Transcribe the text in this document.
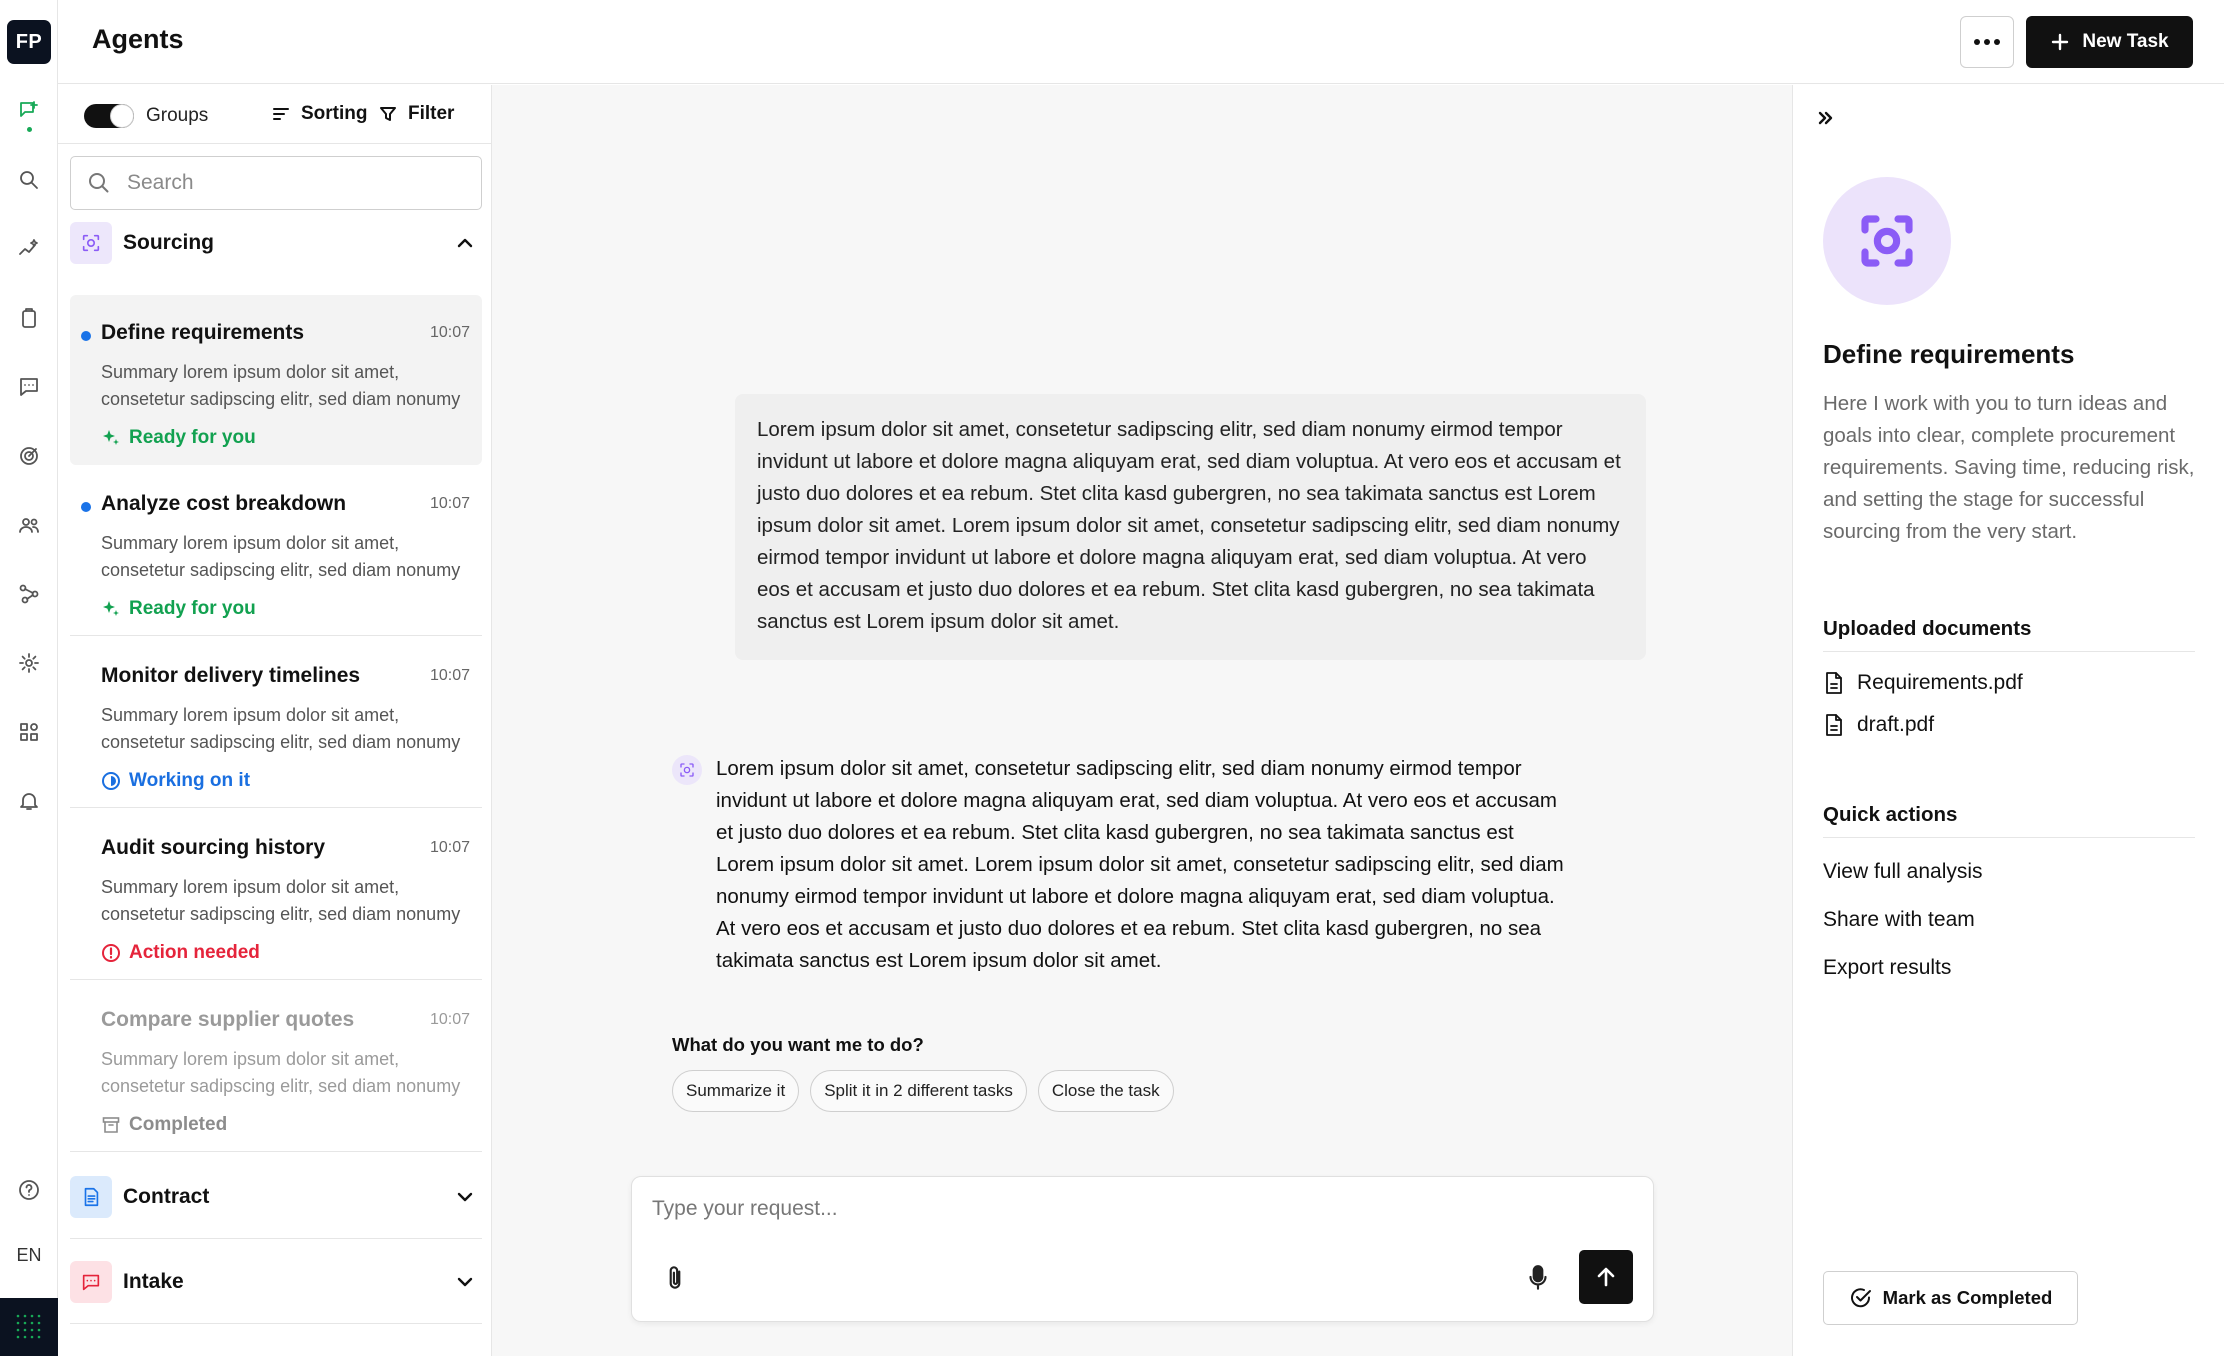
FP
EN
Agents	New Task
Groups	Sorting Filter
Search
Sourcing
Define requirements	10:07
Summary lorem ipsum dolor sit amet,
consetetur sadipscing elitr, sed diam nonumy
Ready for you
Analyze cost breakdown	10:07
Summary lorem ipsum dolor sit amet,
consetetur sadipscing elitr, sed diam nonumy
Ready for you
Monitor delivery timelines	10:07
Summary lorem ipsum dolor sit amet,
consetetur sadipscing elitr, sed diam nonumy
Working on it
Audit sourcing history	10:07
Summary lorem ipsum dolor sit amet,
consetetur sadipscing elitr, sed diam nonumy
Action needed
Compare supplier quotes	10:07
Summary lorem ipsum dolor sit amet,
consetetur sadipscing elitr, sed diam nonumy
Completed
Contract
Intake
Lorem ipsum dolor sit amet, consetetur sadipscing elitr, sed diam nonumy eirmod tempor invidunt ut labore et dolore magna aliquyam erat, sed diam voluptua. At vero eos et accusam et justo duo dolores et ea rebum. Stet clita kasd gubergren, no sea takimata sanctus est Lorem ipsum dolor sit amet. Lorem ipsum dolor sit amet, consetetur sadipscing elitr, sed diam nonumy eirmod tempor invidunt ut labore et dolore magna aliquyam erat, sed diam voluptua. At vero eos et accusam et justo duo dolores et ea rebum. Stet clita kasd gubergren, no sea takimata sanctus est Lorem ipsum dolor sit amet.
Lorem ipsum dolor sit amet, consetetur sadipscing elitr, sed diam nonumy eirmod tempor invidunt ut labore et dolore magna aliquyam erat, sed diam voluptua. At vero eos et accusam et justo duo dolores et ea rebum. Stet clita kasd gubergren, no sea takimata sanctus est Lorem ipsum dolor sit amet. Lorem ipsum dolor sit amet, consetetur sadipscing elitr, sed diam nonumy eirmod tempor invidunt ut labore et dolore magna aliquyam erat, sed diam voluptua. At vero eos et accusam et justo duo dolores et ea rebum. Stet clita kasd gubergren, no sea takimata sanctus est Lorem ipsum dolor sit amet.
What do you want me to do?
Summarize it	Split it in 2 different tasks	Close the task
Type your request...
Define requirements
Here I work with you to turn ideas and goals into clear, complete procurement requirements. Saving time, reducing risk, and setting the stage for successful sourcing from the very start.
Uploaded documents
Requirements.pdf
draft.pdf
Quick actions
View full analysis
Share with team
Export results
Mark as Completed
